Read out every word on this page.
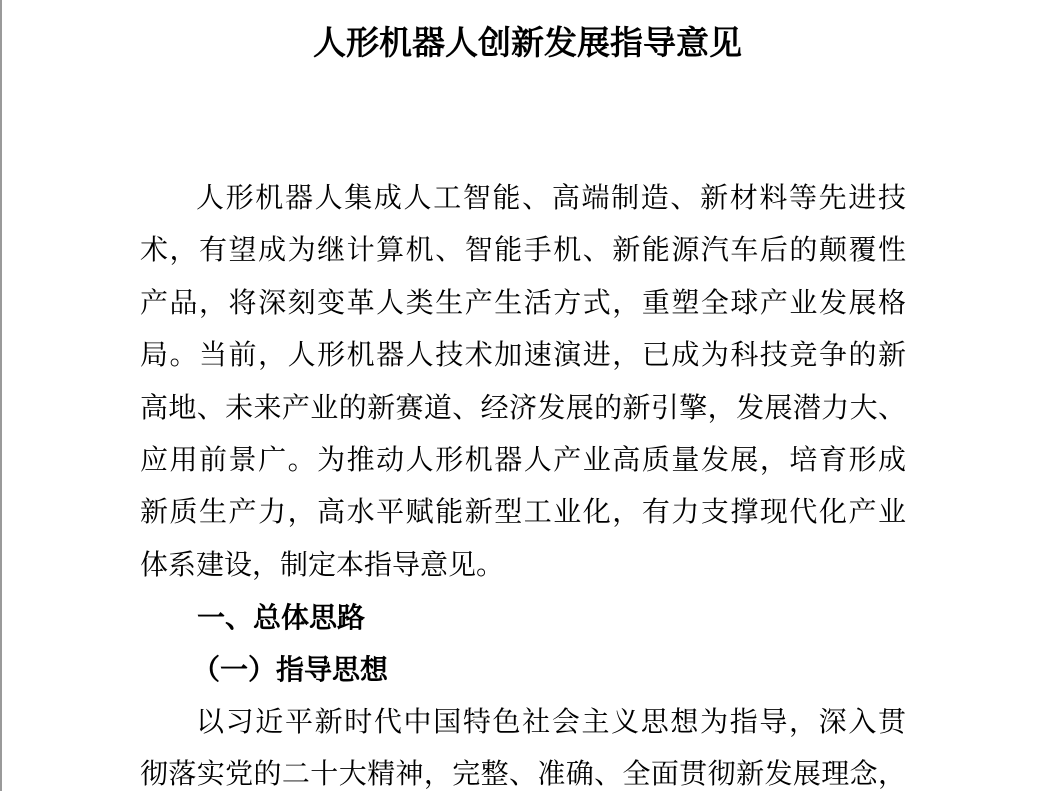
人形机器人创新发展指导意见
人形机器人集成人工智能、高端制造、新材料等先进技
术，有望成为继计算机、智能手机、新能源汽车后的颠覆性
产品，将深刻变革人类生产生活方式，重塑全球产业发展格
局。当前，人形机器人技术加速演进，已成为科技竞争的新
高地、未来产业的新赛道、经济发展的新引擎，发展潜力大、
应用前景广。为推动人形机器人产业高质量发展，培育形成
新质生产力，高水平赋能新型工业化，有力支撑现代化产业
体系建设，制定本指导意见。
一、总体思路
（一）指导思想
以习近平新时代中国特色社会主义思想为指导，深入贯
彻落实党的二十大精神，完整、准确、全面贯彻新发展理念，
